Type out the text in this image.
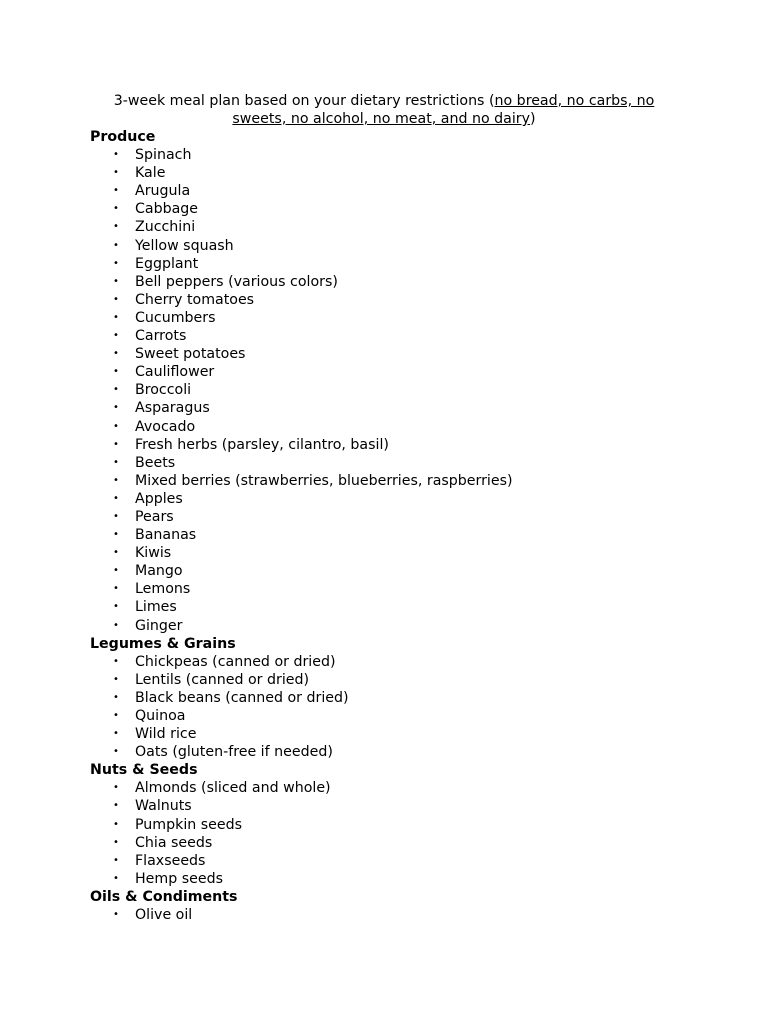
3-week meal plan based on your dietary restrictions (no bread, no carbs, no sweets, no alcohol, no meat, and no dairy)
Produce
• Spinach
• Kale
• Arugula
• Cabbage
• Zucchini
• Yellow squash
• Eggplant
• Bell peppers (various colors)
• Cherry tomatoes
• Cucumbers
• Carrots
• Sweet potatoes
• Cauliflower
• Broccoli
• Asparagus
• Avocado
• Fresh herbs (parsley, cilantro, basil)
• Beets
• Mixed berries (strawberries, blueberries, raspberries)
• Apples
• Pears
• Bananas
• Kiwis
• Mango
• Lemons
• Limes
• Ginger
Legumes & Grains
• Chickpeas (canned or dried)
• Lentils (canned or dried)
• Black beans (canned or dried)
• Quinoa
• Wild rice
• Oats (gluten-free if needed)
Nuts & Seeds
• Almonds (sliced and whole)
• Walnuts
• Pumpkin seeds
• Chia seeds
• Flaxseeds
• Hemp seeds
Oils & Condiments
• Olive oil
